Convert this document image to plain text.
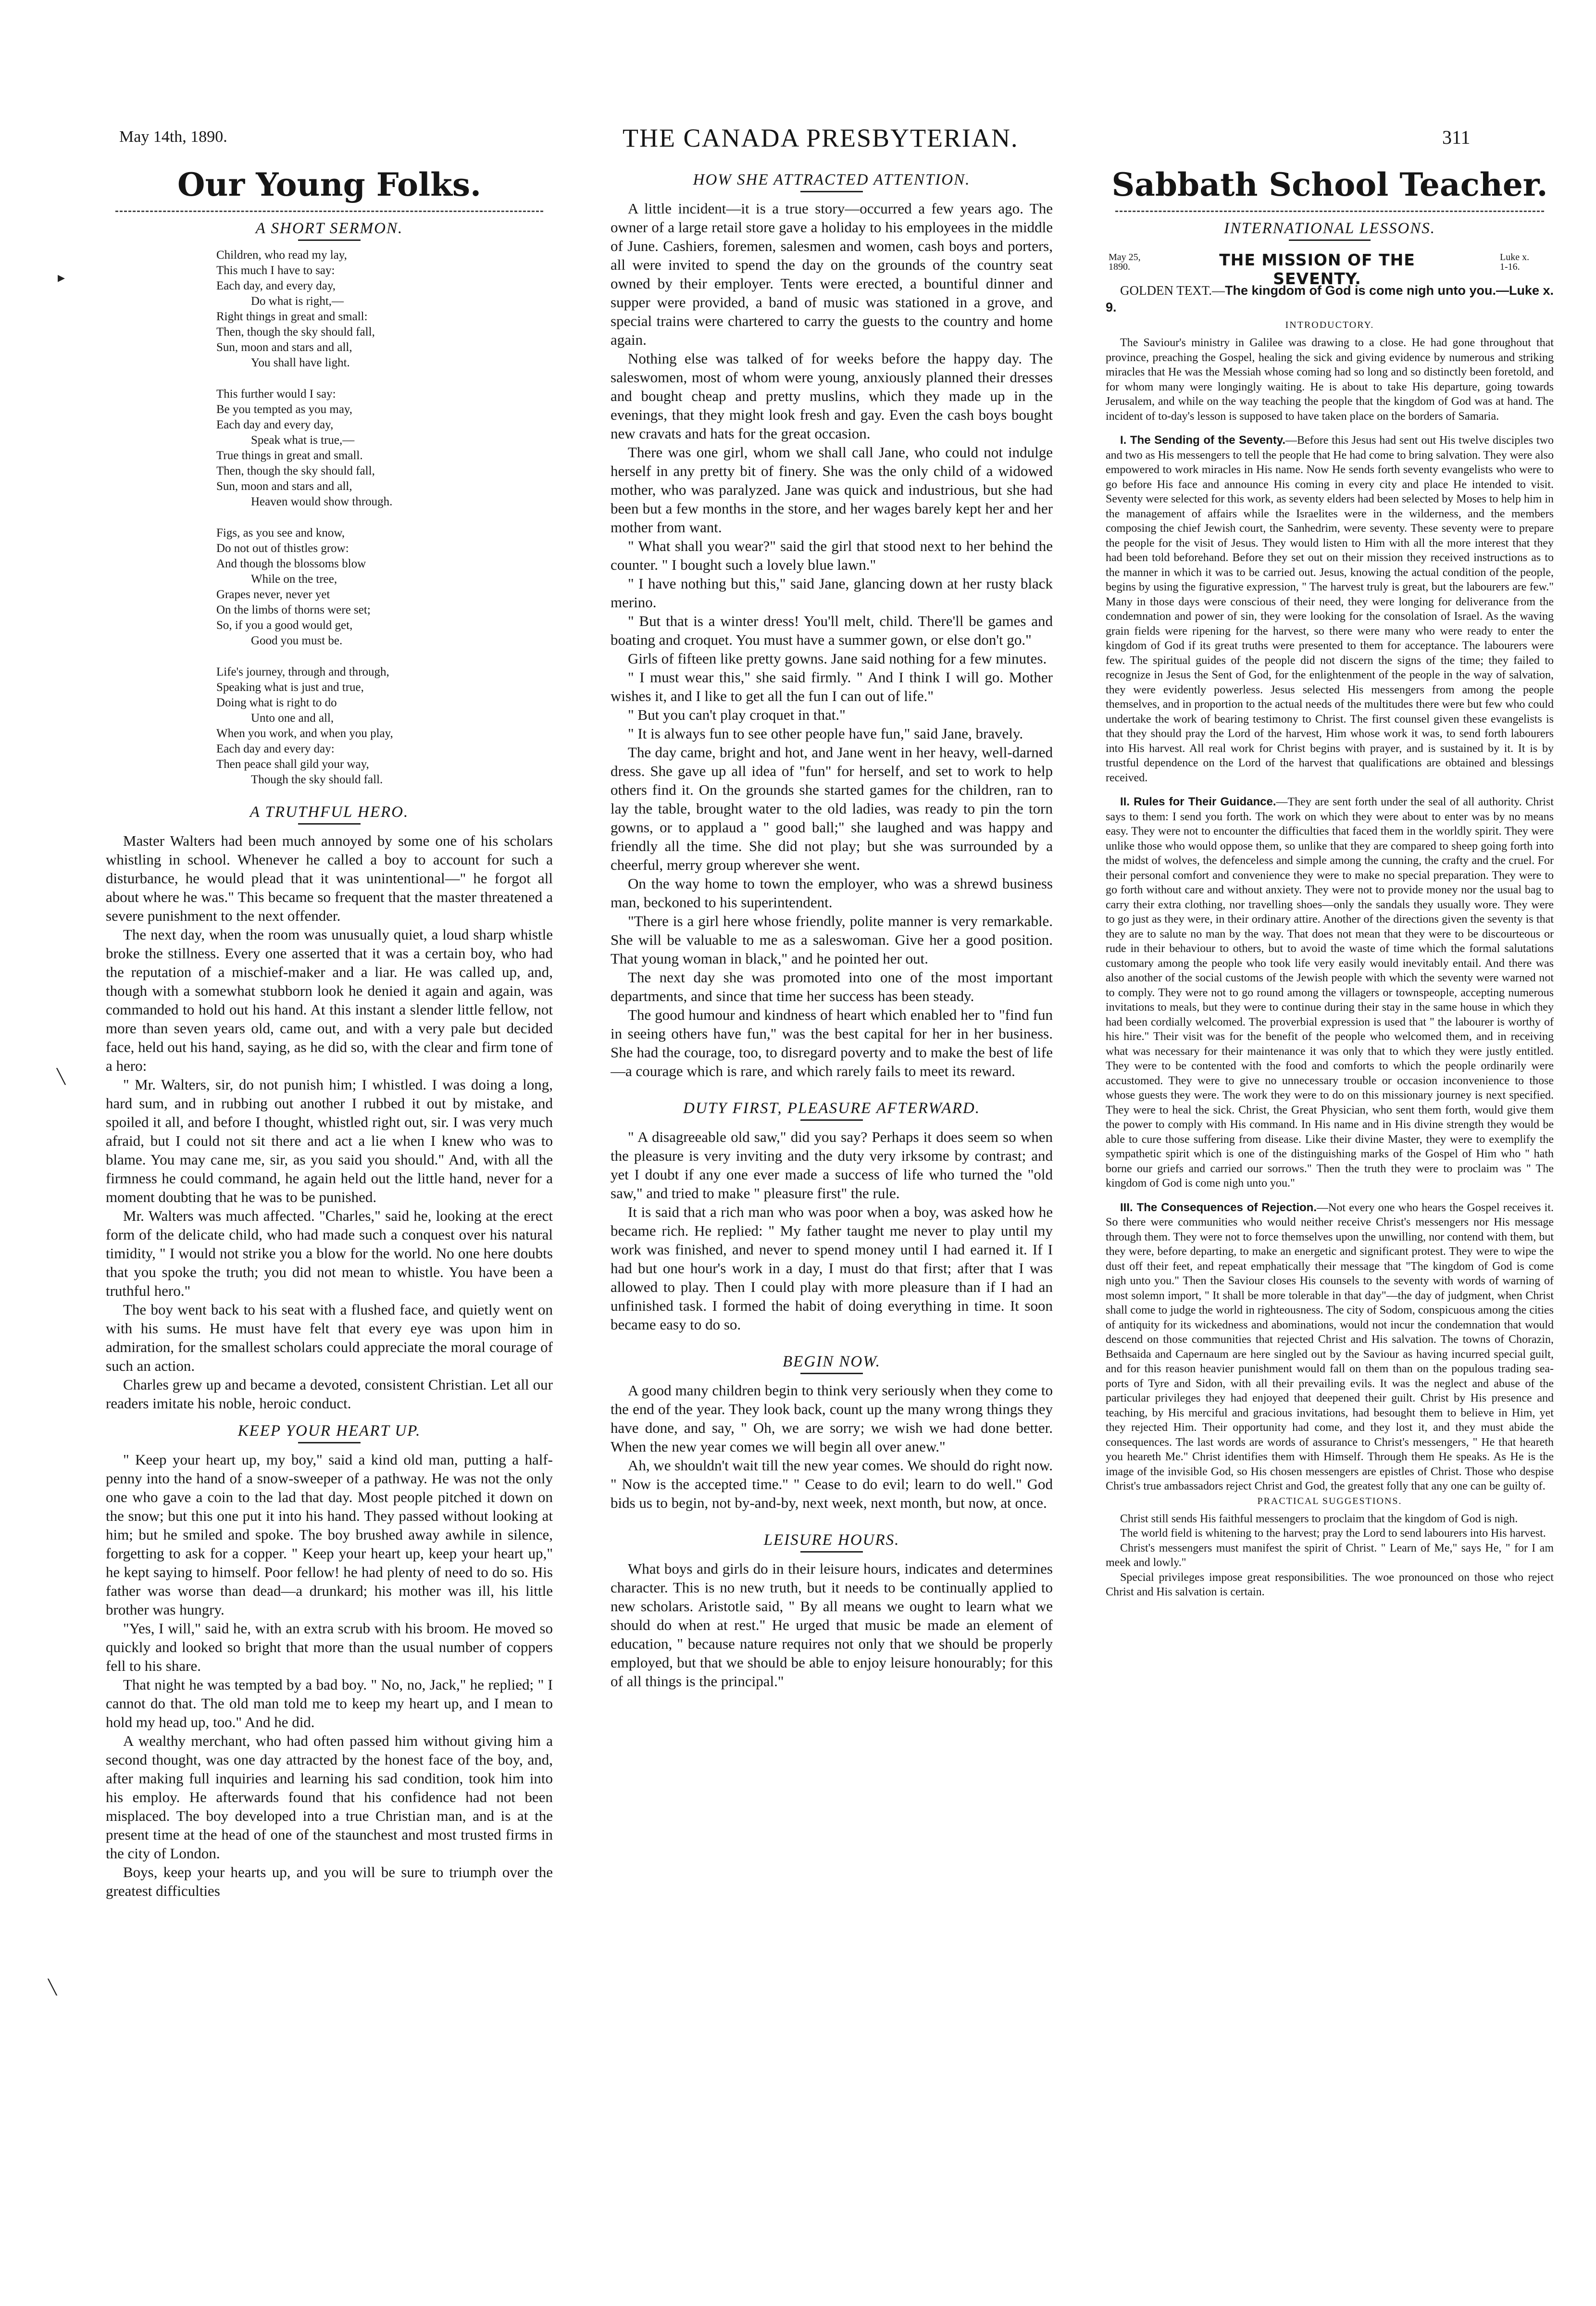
May 14th, 1890.	THE CANADA PRESBYTERIAN.	311
▸
╲
╲
Our Young Folks.

A SHORT SERMON.

Children, who read my lay,
This much I have to say:
Each day, and every day,
Do what is right,—
Right things in great and small:
Then, though the sky should fall,
Sun, moon and stars and all,
You shall have light.
This further would I say:
Be you tempted as you may,
Each day and every day,
Speak what is true,—
True things in great and small.
Then, though the sky should fall,
Sun, moon and stars and all,
Heaven would show through.
Figs, as you see and know,
Do not out of thistles grow:
And though the blossoms blow
While on the tree,
Grapes never, never yet
On the limbs of thorns were set;
So, if you a good would get,
Good you must be.
Life's journey, through and through,
Speaking what is just and true,
Doing what is right to do
Unto one and all,
When you work, and when you play,
Each day and every day:
Then peace shall gild your way,
Though the sky should fall.

A TRUTHFUL HERO.

Master Walters had been much annoyed by some one of his scholars whistling in school. Whenever he called a boy to account for such a disturbance, he would plead that it was unintentional—" he forgot all about where he was." This became so frequent that the master threatened a severe punishment to the next offender.

The next day, when the room was unusually quiet, a loud sharp whistle broke the stillness. Every one asserted that it was a certain boy, who had the reputation of a mischief-maker and a liar. He was called up, and, though with a somewhat stubborn look he denied it again and again, was commanded to hold out his hand. At this instant a slender little fellow, not more than seven years old, came out, and with a very pale but decided face, held out his hand, saying, as he did so, with the clear and firm tone of a hero:

" Mr. Walters, sir, do not punish him; I whistled. I was doing a long, hard sum, and in rubbing out another I rubbed it out by mistake, and spoiled it all, and before I thought, whistled right out, sir. I was very much afraid, but I could not sit there and act a lie when I knew who was to blame. You may cane me, sir, as you said you should." And, with all the firmness he could command, he again held out the little hand, never for a moment doubting that he was to be punished.

Mr. Walters was much affected. "Charles," said he, looking at the erect form of the delicate child, who had made such a conquest over his natural timidity, " I would not strike you a blow for the world. No one here doubts that you spoke the truth; you did not mean to whistle. You have been a truthful hero."

The boy went back to his seat with a flushed face, and quietly went on with his sums. He must have felt that every eye was upon him in admiration, for the smallest scholars could appreciate the moral courage of such an action.

Charles grew up and became a devoted, consistent Christian. Let all our readers imitate his noble, heroic conduct.

KEEP YOUR HEART UP.

" Keep your heart up, my boy," said a kind old man, putting a half-penny into the hand of a snow-sweeper of a pathway. He was not the only one who gave a coin to the lad that day. Most people pitched it down on the snow; but this one put it into his hand. They passed without looking at him; but he smiled and spoke. The boy brushed away awhile in silence, forgetting to ask for a copper. " Keep your heart up, keep your heart up," he kept saying to himself. Poor fellow! he had plenty of need to do so. His father was worse than dead—a drunkard; his mother was ill, his little brother was hungry.

"Yes, I will," said he, with an extra scrub with his broom. He moved so quickly and looked so bright that more than the usual number of coppers fell to his share.

That night he was tempted by a bad boy. " No, no, Jack," he replied; " I cannot do that. The old man told me to keep my heart up, and I mean to hold my head up, too." And he did.

A wealthy merchant, who had often passed him without giving him a second thought, was one day attracted by the honest face of the boy, and, after making full inquiries and learning his sad condition, took him into his employ. He afterwards found that his confidence had not been misplaced. The boy developed into a true Christian man, and is at the present time at the head of one of the staunchest and most trusted firms in the city of London.

Boys, keep your hearts up, and you will be sure to triumph over the greatest difficulties

HOW SHE ATTRACTED ATTENTION.

A little incident—it is a true story—occurred a few years ago. The owner of a large retail store gave a holiday to his employees in the middle of June. Cashiers, foremen, salesmen and women, cash boys and porters, all were invited to spend the day on the grounds of the country seat owned by their employer. Tents were erected, a bountiful dinner and supper were provided, a band of music was stationed in a grove, and special trains were chartered to carry the guests to the country and home again.

Nothing else was talked of for weeks before the happy day. The saleswomen, most of whom were young, anxiously planned their dresses and bought cheap and pretty muslins, which they made up in the evenings, that they might look fresh and gay. Even the cash boys bought new cravats and hats for the great occasion.

There was one girl, whom we shall call Jane, who could not indulge herself in any pretty bit of finery. She was the only child of a widowed mother, who was paralyzed. Jane was quick and industrious, but she had been but a few months in the store, and her wages barely kept her and her mother from want.

" What shall you wear?" said the girl that stood next to her behind the counter. " I bought such a lovely blue lawn."

" I have nothing but this," said Jane, glancing down at her rusty black merino.

" But that is a winter dress! You'll melt, child. There'll be games and boating and croquet. You must have a summer gown, or else don't go."

Girls of fifteen like pretty gowns. Jane said nothing for a few minutes.

" I must wear this," she said firmly. " And I think I will go. Mother wishes it, and I like to get all the fun I can out of life."

" But you can't play croquet in that."

" It is always fun to see other people have fun," said Jane, bravely.

The day came, bright and hot, and Jane went in her heavy, well-darned dress. She gave up all idea of "fun" for herself, and set to work to help others find it. On the grounds she started games for the children, ran to lay the table, brought water to the old ladies, was ready to pin the torn gowns, or to applaud a " good ball;" she laughed and was happy and friendly all the time. She did not play; but she was surrounded by a cheerful, merry group wherever she went.

On the way home to town the employer, who was a shrewd business man, beckoned to his superintendent.

"There is a girl here whose friendly, polite manner is very remarkable. She will be valuable to me as a saleswoman. Give her a good position. That young woman in black," and he pointed her out.

The next day she was promoted into one of the most important departments, and since that time her success has been steady.

The good humour and kindness of heart which enabled her to "find fun in seeing others have fun," was the best capital for her in her business. She had the courage, too, to disregard poverty and to make the best of life—a courage which is rare, and which rarely fails to meet its reward.

DUTY FIRST, PLEASURE AFTERWARD.

" A disagreeable old saw," did you say? Perhaps it does seem so when the pleasure is very inviting and the duty very irksome by contrast; and yet I doubt if any one ever made a success of life who turned the "old saw," and tried to make " pleasure first" the rule.

It is said that a rich man who was poor when a boy, was asked how he became rich. He replied: " My father taught me never to play until my work was finished, and never to spend money until I had earned it. If I had but one hour's work in a day, I must do that first; after that I was allowed to play. Then I could play with more pleasure than if I had an unfinished task. I formed the habit of doing everything in time. It soon became easy to do so.

BEGIN NOW.

A good many children begin to think very seriously when they come to the end of the year. They look back, count up the many wrong things they have done, and say, " Oh, we are sorry; we wish we had done better. When the new year comes we will begin all over anew."

Ah, we shouldn't wait till the new year comes. We should do right now. " Now is the accepted time." " Cease to do evil; learn to do well." God bids us to begin, not by-and-by, next week, next month, but now, at once.

LEISURE HOURS.

What boys and girls do in their leisure hours, indicates and determines character. This is no new truth, but it needs to be continually applied to new scholars. Aristotle said, " By all means we ought to learn what we should do when at rest." He urged that music be made an element of education, " because nature requires not only that we should be properly employed, but that we should be able to enjoy leisure honourably; for this of all things is the principal."

Sabbath School Teacher.

INTERNATIONAL LESSONS.

May 25,
1890.	THE MISSION OF THE SEVENTY.
Luke x.
1-16.

GOLDEN TEXT.—The kingdom of God is come nigh unto you.—Luke x. 9.

INTRODUCTORY.

The Saviour's ministry in Galilee was drawing to a close. He had gone throughout that province, preaching the Gospel, healing the sick and giving evidence by numerous and striking miracles that He was the Messiah whose coming had so long and so distinctly been foretold, and for whom many were longingly waiting. He is about to take His departure, going towards Jerusalem, and while on the way teaching the people that the kingdom of God was at hand. The incident of to-day's lesson is supposed to have taken place on the borders of Samaria.

I. The Sending of the Seventy.—Before this Jesus had sent out His twelve disciples two and two as His messengers to tell the people that He had come to bring salvation. They were also empowered to work miracles in His name. Now He sends forth seventy evangelists who were to go before His face and announce His coming in every city and place He intended to visit. Seventy were selected for this work, as seventy elders had been selected by Moses to help him in the management of affairs while the Israelites were in the wilderness, and the members composing the chief Jewish court, the Sanhedrim, were seventy. These seventy were to prepare the people for the visit of Jesus. They would listen to Him with all the more interest that they had been told beforehand. Before they set out on their mission they received instructions as to the manner in which it was to be carried out. Jesus, knowing the actual condition of the people, begins by using the figurative expression, " The harvest truly is great, but the labourers are few." Many in those days were conscious of their need, they were longing for deliverance from the condemnation and power of sin, they were looking for the consolation of Israel. As the waving grain fields were ripening for the harvest, so there were many who were ready to enter the kingdom of God if its great truths were presented to them for acceptance. The labourers were few. The spiritual guides of the people did not discern the signs of the time; they failed to recognize in Jesus the Sent of God, for the enlightenment of the people in the way of salvation, they were evidently powerless. Jesus selected His messengers from among the people themselves, and in proportion to the actual needs of the multitudes there were but few who could undertake the work of bearing testimony to Christ. The first counsel given these evangelists is that they should pray the Lord of the harvest, Him whose work it was, to send forth labourers into His harvest. All real work for Christ begins with prayer, and is sustained by it. It is by trustful dependence on the Lord of the harvest that qualifications are obtained and blessings received.

II. Rules for Their Guidance.—They are sent forth under the seal of all authority. Christ says to them: I send you forth. The work on which they were about to enter was by no means easy. They were not to encounter the difficulties that faced them in the worldly spirit. They were unlike those who would oppose them, so unlike that they are compared to sheep going forth into the midst of wolves, the defenceless and simple among the cunning, the crafty and the cruel. For their personal comfort and convenience they were to make no special preparation. They were to go forth without care and without anxiety. They were not to provide money nor the usual bag to carry their extra clothing, nor travelling shoes—only the sandals they usually wore. They were to go just as they were, in their ordinary attire. Another of the directions given the seventy is that they are to salute no man by the way. That does not mean that they were to be discourteous or rude in their behaviour to others, but to avoid the waste of time which the formal salutations customary among the people who took life very easily would inevitably entail. And there was also another of the social customs of the Jewish people with which the seventy were warned not to comply. They were not to go round among the villagers or townspeople, accepting numerous invitations to meals, but they were to continue during their stay in the same house in which they had been cordially welcomed. The proverbial expression is used that " the labourer is worthy of his hire." Their visit was for the benefit of the people who welcomed them, and in receiving what was necessary for their maintenance it was only that to which they were justly entitled. They were to be contented with the food and comforts to which the people ordinarily were accustomed. They were to give no unnecessary trouble or occasion inconvenience to those whose guests they were. The work they were to do on this missionary journey is next specified. They were to heal the sick. Christ, the Great Physician, who sent them forth, would give them the power to comply with His command. In His name and in His divine strength they would be able to cure those suffering from disease. Like their divine Master, they were to exemplify the sympathetic spirit which is one of the distinguishing marks of the Gospel of Him who " hath borne our griefs and carried our sorrows." Then the truth they were to proclaim was " The kingdom of God is come nigh unto you."

III. The Consequences of Rejection.—Not every one who hears the Gospel receives it. So there were communities who would neither receive Christ's messengers nor His message through them. They were not to force themselves upon the unwilling, nor contend with them, but they were, before departing, to make an energetic and significant protest. They were to wipe the dust off their feet, and repeat emphatically their message that "The kingdom of God is come nigh unto you." Then the Saviour closes His counsels to the seventy with words of warning of most solemn import, " It shall be more tolerable in that day"—the day of judgment, when Christ shall come to judge the world in righteousness. The city of Sodom, conspicuous among the cities of antiquity for its wickedness and abominations, would not incur the condemnation that would descend on those communities that rejected Christ and His salvation. The towns of Chorazin, Bethsaida and Capernaum are here singled out by the Saviour as having incurred special guilt, and for this reason heavier punishment would fall on them than on the populous trading sea-ports of Tyre and Sidon, with all their prevailing evils. It was the neglect and abuse of the particular privileges they had enjoyed that deepened their guilt. Christ by His presence and teaching, by His merciful and gracious invitations, had besought them to believe in Him, yet they rejected Him. Their opportunity had come, and they lost it, and they must abide the consequences. The last words are words of assurance to Christ's messengers, " He that heareth you heareth Me." Christ identifies them with Himself. Through them He speaks. As He is the image of the invisible God, so His chosen messengers are epistles of Christ. Those who despise Christ's true ambassadors reject Christ and God, the greatest folly that any one can be guilty of.

PRACTICAL SUGGESTIONS.

Christ still sends His faithful messengers to proclaim that the kingdom of God is nigh.

The world field is whitening to the harvest; pray the Lord to send labourers into His harvest.

Christ's messengers must manifest the spirit of Christ. " Learn of Me," says He, " for I am meek and lowly."

Special privileges impose great responsibilities. The woe pronounced on those who reject Christ and His salvation is certain.
